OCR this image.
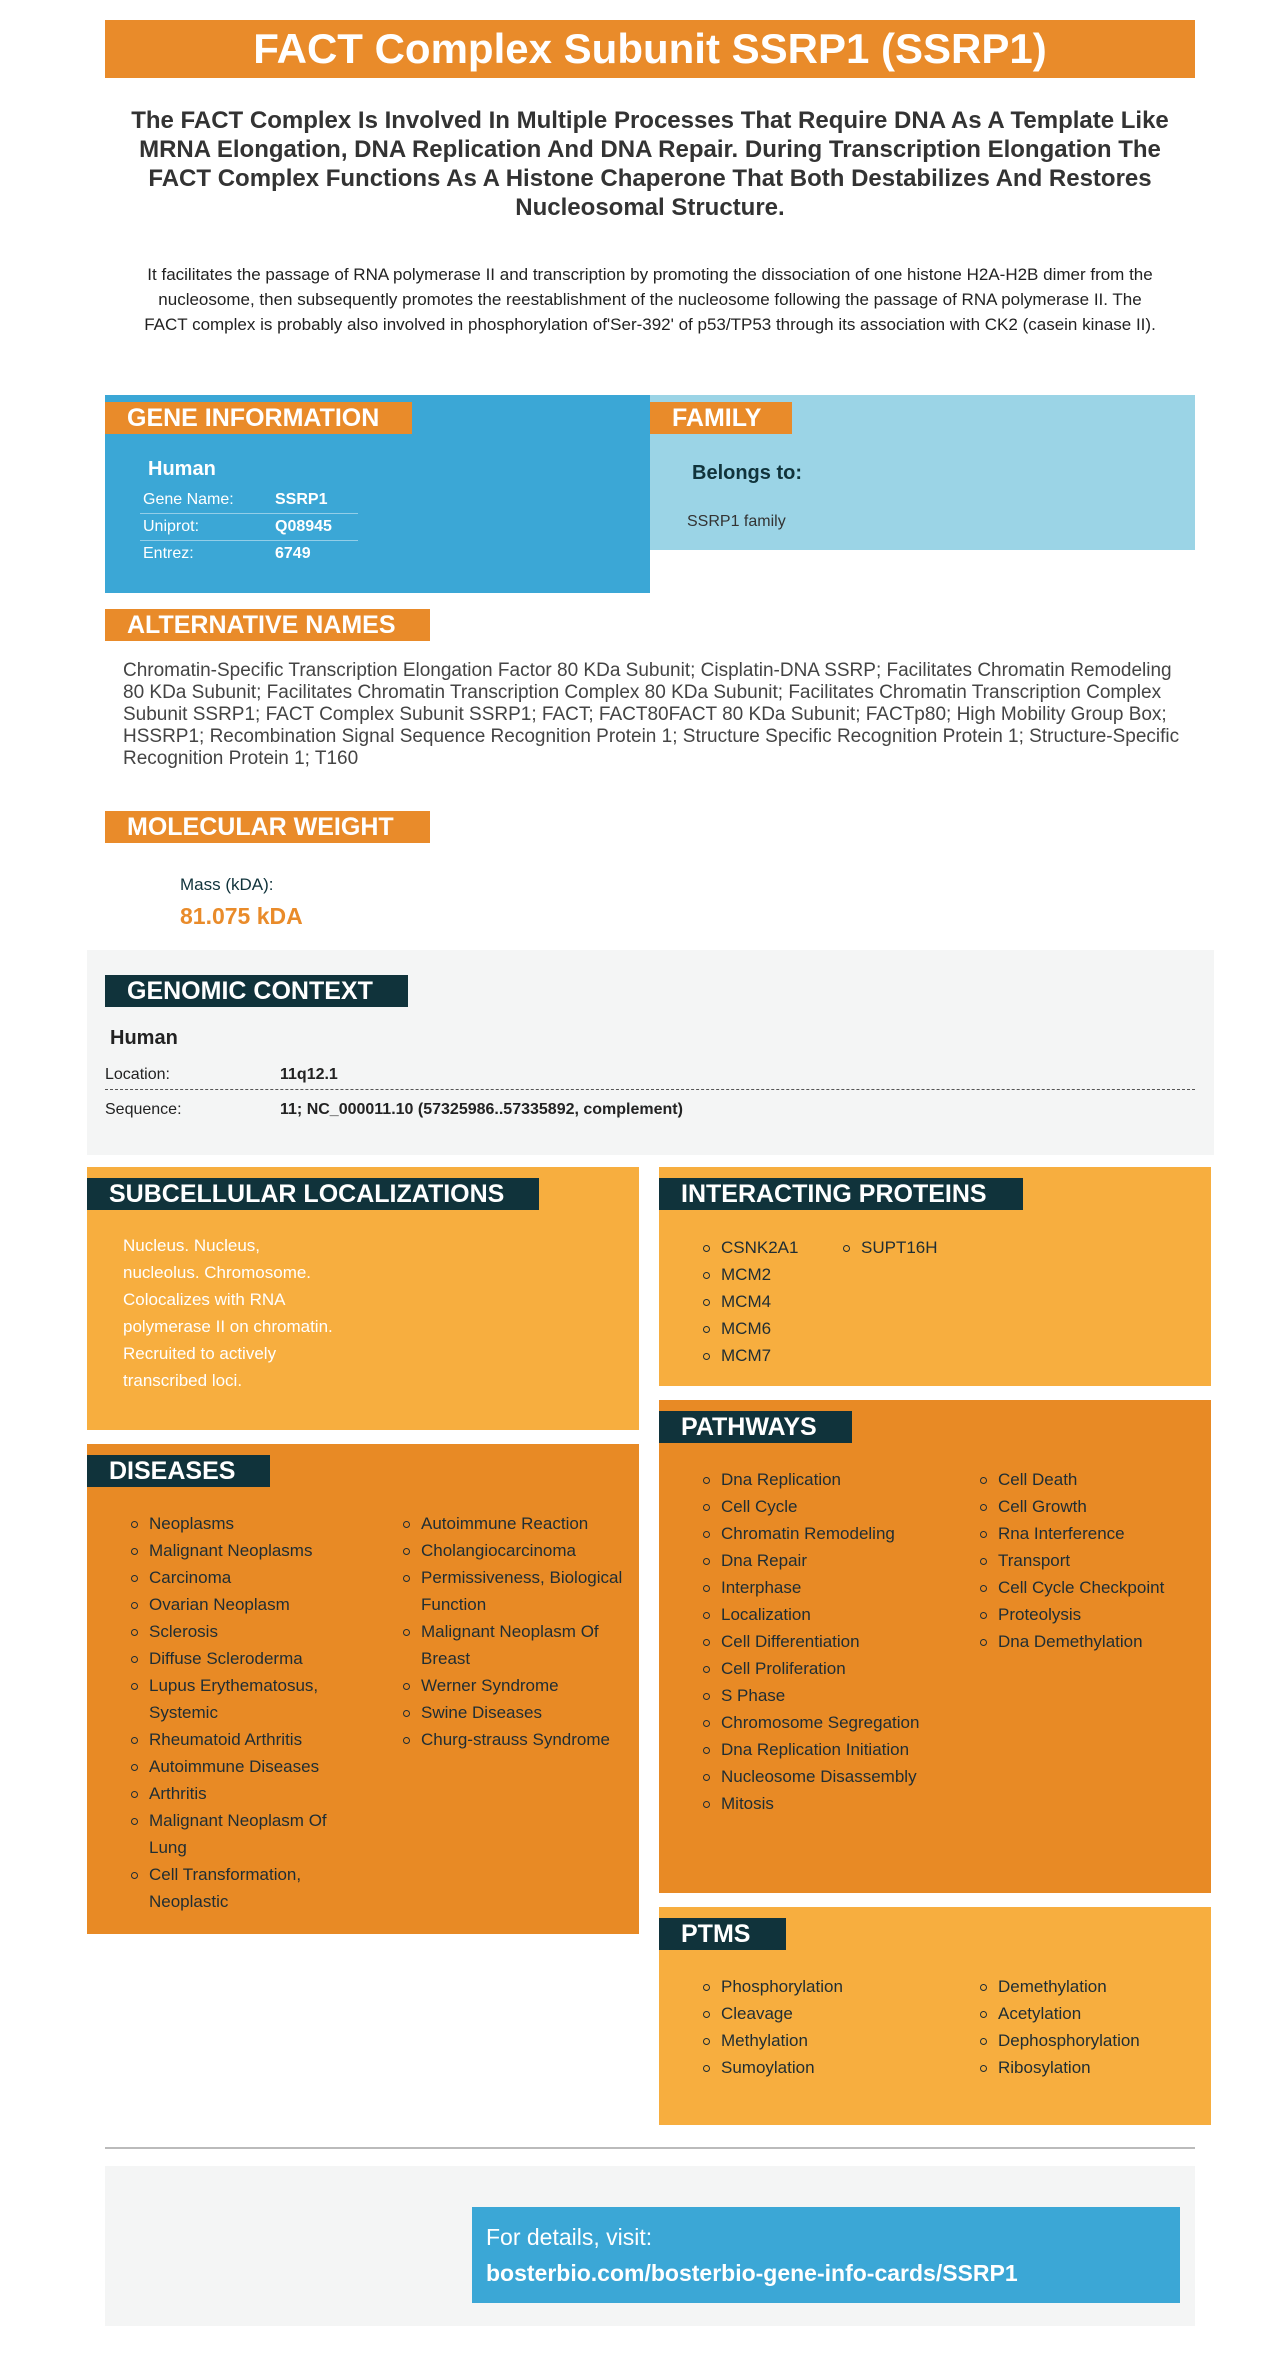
FACT Complex Subunit SSRP1 (SSRP1)
The FACT Complex Is Involved In Multiple Processes That Require DNA As A Template Like MRNA Elongation, DNA Replication And DNA Repair. During Transcription Elongation The FACT Complex Functions As A Histone Chaperone That Both Destabilizes And Restores Nucleosomal Structure.
It facilitates the passage of RNA polymerase II and transcription by promoting the dissociation of one histone H2A-H2B dimer from the nucleosome, then subsequently promotes the reestablishment of the nucleosome following the passage of RNA polymerase II. The FACT complex is probably also involved in phosphorylation of'Ser-392' of p53/TP53 through its association with CK2 (casein kinase II).
GENE INFORMATION
Human
Gene Name:	SSRP1
Uniprot:	Q08945
Entrez:	6749
FAMILY
Belongs to:
SSRP1 family
ALTERNATIVE NAMES
Chromatin-Specific Transcription Elongation Factor 80 KDa Subunit; Cisplatin-DNA SSRP; Facilitates Chromatin Remodeling 80 KDa Subunit; Facilitates Chromatin Transcription Complex 80 KDa Subunit; Facilitates Chromatin Transcription Complex Subunit SSRP1; FACT Complex Subunit SSRP1; FACT; FACT80FACT 80 KDa Subunit; FACTp80; High Mobility Group Box; HSSRP1; Recombination Signal Sequence Recognition Protein 1; Structure Specific Recognition Protein 1; Structure-Specific Recognition Protein 1; T160
MOLECULAR WEIGHT
Mass (kDA):
81.075 kDA
GENOMIC CONTEXT
Human
Location:	11q12.1
Sequence:	11; NC_000011.10 (57325986..57335892, complement)
SUBCELLULAR LOCALIZATIONS
Nucleus. Nucleus, nucleolus. Chromosome. Colocalizes with RNA polymerase II on chromatin. Recruited to actively transcribed loci.
INTERACTING PROTEINS
CSNK2A1
MCM2
MCM4
MCM6
MCM7
SUPT16H
DISEASES
Neoplasms
Malignant Neoplasms
Carcinoma
Ovarian Neoplasm
Sclerosis
Diffuse Scleroderma
Lupus Erythematosus, Systemic
Rheumatoid Arthritis
Autoimmune Diseases
Arthritis
Malignant Neoplasm Of Lung
Cell Transformation, Neoplastic
Autoimmune Reaction
Cholangiocarcinoma
Permissiveness, Biological Function
Malignant Neoplasm Of Breast
Werner Syndrome
Swine Diseases
Churg-strauss Syndrome
PATHWAYS
Dna Replication
Cell Cycle
Chromatin Remodeling
Dna Repair
Interphase
Localization
Cell Differentiation
Cell Proliferation
S Phase
Chromosome Segregation
Dna Replication Initiation
Nucleosome Disassembly
Mitosis
Cell Death
Cell Growth
Rna Interference
Transport
Cell Cycle Checkpoint
Proteolysis
Dna Demethylation
PTMS
Phosphorylation
Cleavage
Methylation
Sumoylation
Demethylation
Acetylation
Dephosphorylation
Ribosylation
For details, visit:
bosterbio.com/bosterbio-gene-info-cards/SSRP1
